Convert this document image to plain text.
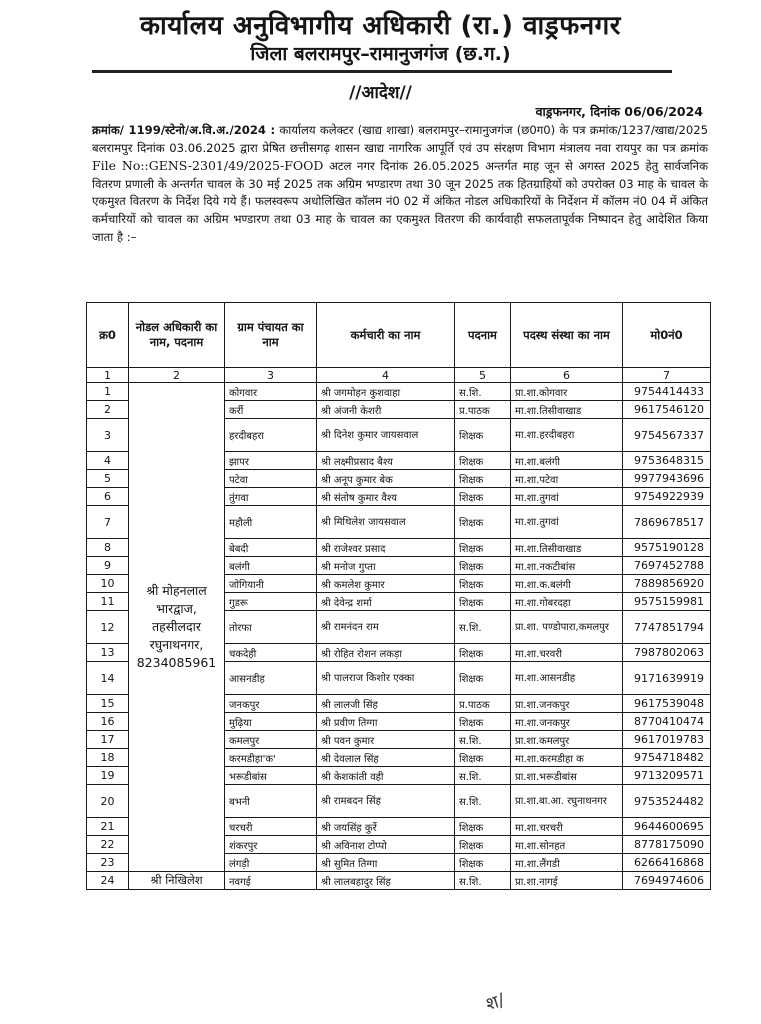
कार्यालय अनुविभागीय अधिकारी (रा.) वाड्रफनगर
जिला बलरामपुर–रामानुजगंज (छ.ग.)
//आदेश//
वाड्रफनगर, दिनांक 06/06/2024
क्रमांक/ 1199/स्टेनो/अ.वि.अ./2024 : कार्यालय कलेक्टर (खाद्य शाखा) बलरामपुर–रामानुजगंज (छ0ग0) के पत्र क्रमांक/1237/खाद्य/2025 बलरामपुर दिनांक 03.06.2025 द्वारा प्रेषित छत्तीसगढ़ शासन खाद्य नागरिक आपूर्ति एवं उप संरक्षण विभाग मंत्रालय नवा रायपुर का पत्र क्रमांक File No::GENS-2301/49/2025-FOOD अटल नगर दिनांक 26.05.2025 अन्तर्गत माह जून से अगस्त 2025 हेतु सार्वजनिक वितरण प्रणाली के अन्तर्गत चावल के 30 मई 2025 तक अग्रिम भण्डारण तथा 30 जून 2025 तक हितग्राहियों को उपरोक्त 03 माह के चावल के एकमुश्त वितरण के निर्देश दिये गये हैं। फलस्वरूप अधोलिखित कॉलम नं0 02 में अंकित नोडल अधिकारियों के निर्देशन में कॉलम नं0 04 में अंकित कर्मचारियों को चावल का अग्रिम भण्डारण तथा 03 माह के चावल का एकमुश्त वितरण की कार्यवाही सफलतापूर्वक निष्पादन हेतु आदेशित किया जाता है :–
क्र0	नोडल अधिकारी का नाम, पदनाम	ग्राम पंचायत का नाम	कर्मचारी का नाम	पदनाम	पदस्थ संस्था का नाम	मो0नं0
1	2	3	4	5	6	7
1	श्री मोहनलाल भारद्वाज, तहसीलदार रघुनाथनगर, 8234085961	कोगवार	श्री जगमोहन कुशवाहा	स.शि.	प्रा.शा.कोगवार	9754414433
2		कर्री	श्री अंजनी केशरी	प्र.पाठक	मा.शा.तिसीवाखाड	9617546120
3		हरदीबहरा	श्री दिनेश कुमार जायसवाल	शिक्षक	मा.शा.हरदीबहरा	9754567337
4		झापर	श्री लक्ष्मीप्रसाद बैश्य	शिक्षक	मा.शा.बलंगी	9753648315
5		पटेवा	श्री अनूप कुमार बेक	शिक्षक	मा.शा.पटेवा	9977943696
6		तुंगवा	श्री संतोष कुमार वैश्य	शिक्षक	मा.शा.तुगवां	9754922939
7		महौली	श्री मिथिलेश जायसवाल	शिक्षक	मा.शा.तुगवां	7869678517
8		बेबदी	श्री राजेश्वर प्रसाद	शिक्षक	मा.शा.तिसीवाखाड	9575190128
9		बलंगी	श्री मनोज गुप्ता	शिक्षक	मा.शा.नकटीबांस	7697452788
10		जोगियानी	श्री कमलेश कुमार	शिक्षक	मा.शा.क.बलंगी	7889856920
11		गुडरू	श्री देवेन्द्र शर्मा	शिक्षक	मा.शा.गोबरदहा	9575159981
12		तोरफा	श्री रामनंदन राम	स.शि.	प्रा.शा. पण्डोपारा,कमलपुर	7747851794
13		चकदेही	श्री रोहित रोशन लकड़ा	शिक्षक	मा.शा.चरवरी	7987802063
14		आसनडीह	श्री पालराज किशोर एक्का	शिक्षक	मा.शा.आसनडीह	9171639919
15		जनकपुर	श्री लालजी सिंह	प्र.पाठक	प्रा.शा.जनकपुर	9617539048
16		मुढ़िया	श्री प्रवीण तिग्गा	शिक्षक	मा.शा.जनकपुर	8770410474
17		कमलपुर	श्री पवन कुमार	स.शि.	प्रा.शा.कमलपुर	9617019783
18		करमडीहा'क'	श्री देवलाल सिंह	शिक्षक	मा.शा.करमडीहा क	9754718482
19		भरूडीबांस	श्री केशकांती वही	स.शि.	प्रा.शा.भरूडीबांस	9713209571
20		बभनी	श्री रामबदन सिंह	स.शि.	प्रा.शा.बा.आ. रघुनाथनगर	9753524482
21		चरचरी	श्री जयसिंह कुर्रे	शिक्षक	मा.शा.चरचरी	9644600695
22		शंकरपुर	श्री अविनाश टोप्पो	शिक्षक	मा.शा.सोनहत	8778175090
23		लंगड़ी	श्री सुमित तिग्गा	शिक्षक	मा.शा.लैंगडी	6266416868
24	श्री निखिलेश	नवगई	श्री लालबहादुर सिंह	स.शि.	प्रा.शा.नागई	7694974606
श/
